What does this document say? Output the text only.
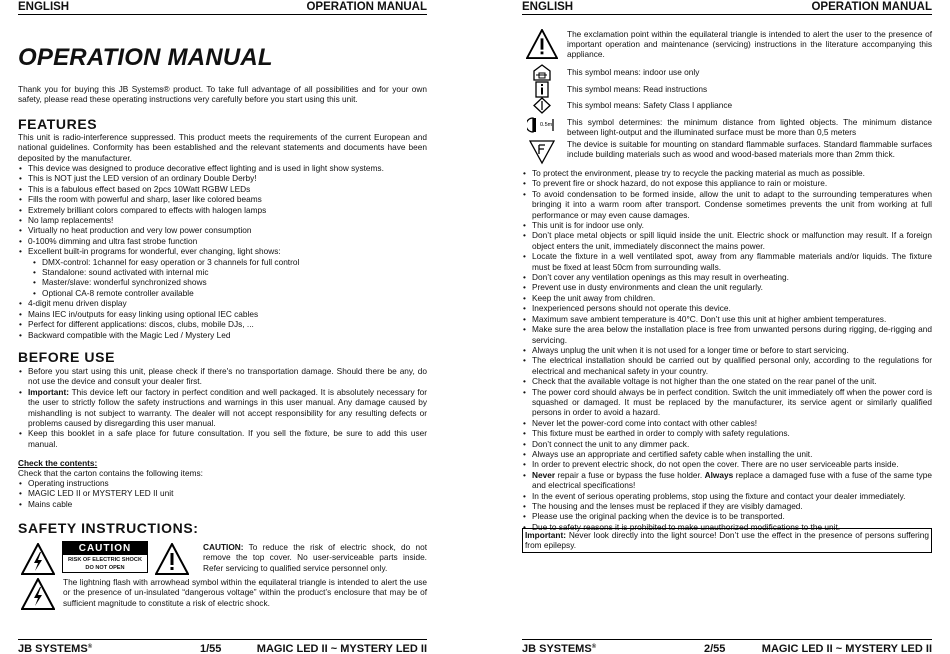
ENGLISH	OPERATION MANUAL
OPERATION MANUAL
Thank you for buying this JB Systems® product. To take full advantage of all possibilities and for your own safety, please read these operating instructions very carefully before you start using this unit.
FEATURES
This unit is radio-interference suppressed. This product meets the requirements of the current European and national guidelines. Conformity has been established and the relevant statements and documents have been deposited by the manufacturer.
• This device was designed to produce decorative effect lighting and is used in light show systems.
• This is NOT just the LED version of an ordinary Double Derby!
• This is a fabulous effect based on 2pcs 10Watt RGBW LEDs
• Fills the room with powerful and sharp, laser like colored beams
• Extremely brilliant colors compared to effects with halogen lamps
• No lamp replacements!
• Virtually no heat production and very low power consumption
• 0-100% dimming and ultra fast strobe function
• Excellent built-in programs for wonderful, ever changing, light shows:
• DMX-control: 1channel for easy operation or 3 channels for full control
• Standalone: sound activated with internal mic
• Master/slave: wonderful synchronized shows
• Optional CA-8 remote controller available
• 4-digit menu driven display
• Mains IEC in/outputs for easy linking using optional IEC cables
• Perfect for different applications: discos, clubs, mobile DJs, ...
• Backward compatible with the Magic Led / Mystery Led
BEFORE USE
• Before you start using this unit, please check if there's no transportation damage. Should there be any, do not use the device and consult your dealer first.
• Important: This device left our factory in perfect condition and well packaged. It is absolutely necessary for the user to strictly follow the safety instructions and warnings in this user manual. Any damage caused by mishandling is not subject to warranty. The dealer will not accept responsibility for any resulting defects or problems caused by disregarding this user manual.
• Keep this booklet in a safe place for future consultation. If you sell the fixture, be sure to add this user manual.
Check the contents:
Check that the carton contains the following items:
• Operating instructions
• MAGIC LED II or MYSTERY LED II unit
• Mains cable
SAFETY INSTRUCTIONS:
CAUTION
RISK OF ELECTRIC SHOCK
DO NOT OPEN
CAUTION: To reduce the risk of electric shock, do not remove the top cover. No user-serviceable parts inside. Refer servicing to qualified service personnel only.
The lightning flash with arrowhead symbol within the equilateral triangle is intended to alert the use or the presence of un-insulated “dangerous voltage” within the product’s enclosure that may be of sufficient magnitude to constitute a risk of electric shock.
JB SYSTEMS®	1/55	MAGIC LED II ~ MYSTERY LED II
ENGLISH	OPERATION MANUAL
The exclamation point within the equilateral triangle is intended to alert the user to the presence of important operation and maintenance (servicing) instructions in the literature accompanying this appliance.
This symbol means: indoor use only
This symbol means: Read instructions
This symbol means: Safety Class I appliance
0.5m This symbol determines: the minimum distance from lighted objects. The minimum distance between light-output and the illuminated surface must be more than 0,5 meters
The device is suitable for mounting on standard flammable surfaces. Standard flammable surfaces include building materials such as wood and wood-based materials more than 2mm thick.
• To protect the environment, please try to recycle the packing material as much as possible.
• To prevent fire or shock hazard, do not expose this appliance to rain or moisture.
• To avoid condensation to be formed inside, allow the unit to adapt to the surrounding temperatures when bringing it into a warm room after transport. Condense sometimes prevents the unit from working at full performance or may even cause damages.
• This unit is for indoor use only.
• Don’t place metal objects or spill liquid inside the unit. Electric shock or malfunction may result. If a foreign object enters the unit, immediately disconnect the mains power.
• Locate the fixture in a well ventilated spot, away from any flammable materials and/or liquids. The fixture must be fixed at least 50cm from surrounding walls.
• Don’t cover any ventilation openings as this may result in overheating.
• Prevent use in dusty environments and clean the unit regularly.
• Keep the unit away from children.
• Inexperienced persons should not operate this device.
• Maximum save ambient temperature is 40°C. Don’t use this unit at higher ambient temperatures.
• Make sure the area below the installation place is free from unwanted persons during rigging, de-rigging and servicing.
• Always unplug the unit when it is not used for a longer time or before to start servicing.
• The electrical installation should be carried out by qualified personal only, according to the regulations for electrical and mechanical safety in your country.
• Check that the available voltage is not higher than the one stated on the rear panel of the unit.
• The power cord should always be in perfect condition. Switch the unit immediately off when the power cord is squashed or damaged. It must be replaced by the manufacturer, its service agent or similarly qualified persons in order to avoid a hazard.
• Never let the power-cord come into contact with other cables!
• This fixture must be earthed in order to comply with safety regulations.
• Don’t connect the unit to any dimmer pack.
• Always use an appropriate and certified safety cable when installing the unit.
• In order to prevent electric shock, do not open the cover. There are no user serviceable parts inside.
• Never repair a fuse or bypass the fuse holder. Always replace a damaged fuse with a fuse of the same type and electrical specifications!
• In the event of serious operating problems, stop using the fixture and contact your dealer immediately.
• The housing and the lenses must be replaced if they are visibly damaged.
• Please use the original packing when the device is to be transported.
• Due to safety reasons it is prohibited to make unauthorized modifications to the unit.
Important: Never look directly into the light source! Don’t use the effect in the presence of persons suffering from epilepsy.
JB SYSTEMS®	2/55	MAGIC LED II ~ MYSTERY LED II
